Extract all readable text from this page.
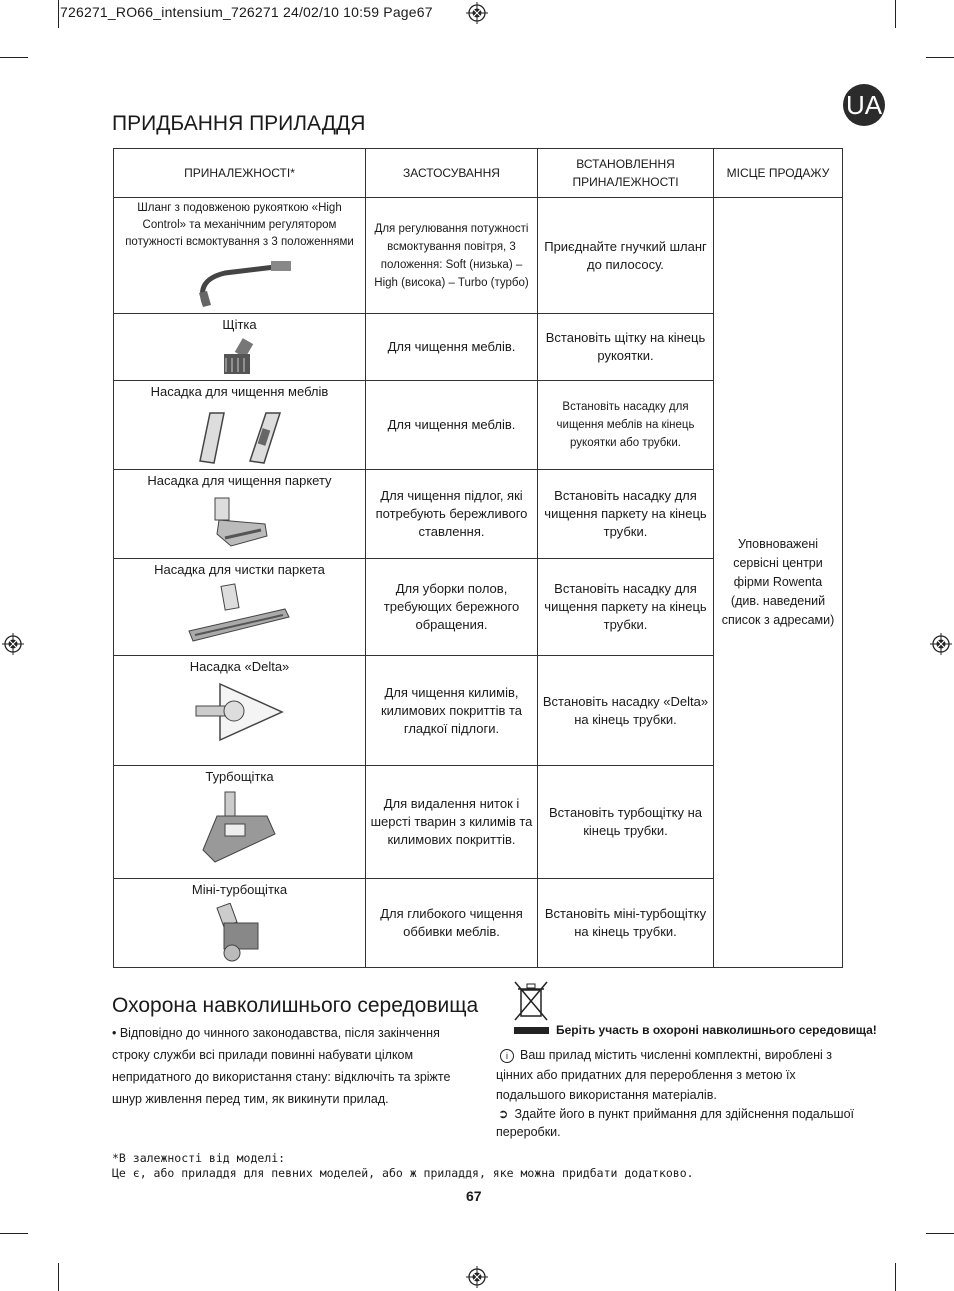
726271_RO66_intensium_726271 24/02/10 10:59 Page67
UA
ПРИДБАННЯ ПРИЛАДДЯ
ПРИНАЛЕЖНОСТІ*	ЗАСТОСУВАННЯ	ВСТАНОВЛЕННЯ ПРИНАЛЕЖНОСТІ	МІСЦЕ ПРОДАЖУ

Шланг з подовженою рукояткою «High Control» та механічним регулятором потужності всмоктування з 3 положеннями	Для регулювання потужності всмоктування повітря, 3 положення: Soft (низька) – High (висока) – Turbo (турбо)	Приєднайте гнучкий шланг до пилососу.	Уповноважені сервісні центри фірми Rowenta (див. наведений список з адресами)

Щітка	Для чищення меблів.	Встановіть щітку на кінець рукоятки.	

Насадка для чищення меблів	Для чищення меблів.	Встановіть насадку для чищення меблів на кінець рукоятки або трубки.	

Насадка для чищення паркету	Для чищення підлог, які потребують бережливого ставлення.	Встановіть насадку для чищення паркету на кінець трубки.	

Насадка для чистки паркета	Для уборки полов, требующих бережного обращения.	Встановіть насадку для чищення паркету на кінець трубки.	

Насадка «Delta»	Для чищення килимів, килимових покриттів та гладкої підлоги.	Встановіть насадку «Delta» на кінець трубки.	

Турбощітка	Для видалення ниток і шерсті тварин з килимів та килимових покриттів.	Встановіть турбощітку на кінець трубки.	

Міні-турбощітка	Для глибокого чищення оббивки меблів.	Встановіть міні-турбощітку на кінець трубки.	
Охорона навколишнього середовища
• Відповідно до чинного законодавства, після закінчення строку служби всі прилади повинні набувати цілком непридатного до використання стану: відключіть та зріжте шнур живлення перед тим, як викинути прилад.
Беріть участь в охороні навколишнього середовища!
i Ваш прилад містить численні комплектні, вироблені з цінних або придатних для перероблення з метою їх подальшого використання матеріалів.
➲ Здайте його в пункт приймання для здійснення подальшої переробки.
*В залежності від моделі:
Це є, або приладдя для певних моделей, або ж приладдя, яке можна придбати додатково.
67
